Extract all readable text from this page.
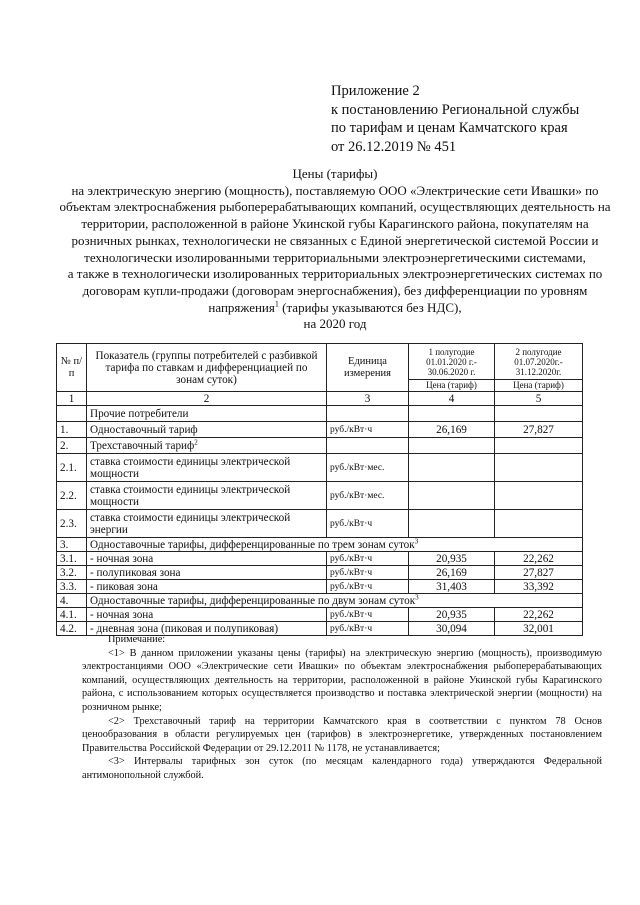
Приложение 2
к постановлению Региональной службы
по тарифам и ценам Камчатского края
от 26.12.2019 № 451
Цены (тарифы)
на электрическую энергию (мощность), поставляемую ООО «Электрические сети Ивашки» по
объектам электроснабжения рыбоперерабатывающих компаний, осуществляющих деятельность на
территории, расположенной в районе Укинской губы Карагинского района, покупателям на
розничных рынках, технологически не связанных с Единой энергетической системой России и
технологически изолированными территориальными электроэнергетическими системами,
а также в технологически изолированных территориальных электроэнергетических системах по
договорам купли-продажи (договорам энергоснабжения), без дифференциации по уровням
напряжения$^1$ (тарифы указываются без НДС),
на 2020 год
№ п/п	Показатель (группы потребителей с разбивкой тарифа по ставкам и дифференциацией по зонам суток)	Единица измерения	1 полугодие 01.01.2020 г.- 30.06.2020 г.	2 полугодие 01.07.2020г.- 31.12.2020г.

			Цена (тариф)	Цена (тариф)
1	2	3	4	5
	Прочие потребители			
1.	Одноставочный тариф	руб./кВт·ч	26,169	27,827
2.	Трехставочный тариф$^2$			
2.1.	ставка стоимости единицы электрической мощности	руб./кВт·мес.		
2.2.	ставка стоимости единицы электрической мощности	руб./кВт·мес.		
2.3.	ставка стоимости единицы электрической энергии	руб./кВт·ч		
3.	Одноставочные тарифы, дифференцированные по трем зонам суток$^3$
3.1.	- ночная зона	руб./кВт·ч	20,935	22,262
3.2.	- полупиковая зона	руб./кВт·ч	26,169	27,827
3.3.	- пиковая зона	руб./кВт·ч	31,403	33,392
4.	Одноставочные тарифы, дифференцированные по двум зонам суток$^3$
4.1.	- ночная зона	руб./кВт·ч	20,935	22,262
4.2.	- дневная зона (пиковая и полупиковая)	руб./кВт·ч	30,094	32,001

Примечание:

<1> В данном приложении указаны цены (тарифы) на электрическую энергию (мощность), производимую электростанциями ООО «Электрические сети Ивашки» по объектам электроснабжения рыбоперерабатывающих компаний, осуществляющих деятельность на территории, расположенной в районе Укинской губы Карагинского района, с использованием которых осуществляется производство и поставка электрической энергии (мощности) на розничном рынке;

<2> Трехставочный тариф на территории Камчатского края в соответствии с пунктом 78 Основ ценообразования в области регулируемых цен (тарифов) в электроэнергетике, утвержденных постановлением Правительства Российской Федерации от 29.12.2011 № 1178, не устанавливается;

<3> Интервалы тарифных зон суток (по месяцам календарного года) утверждаются Федеральной антимонопольной службой.
